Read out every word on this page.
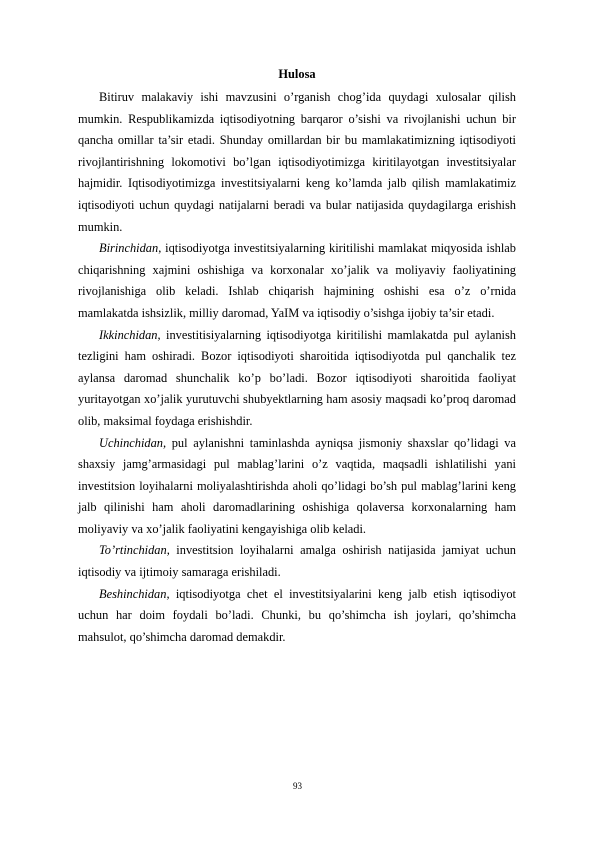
Hulosa

Bitiruv malakaviy ishi mavzusini o’rganish chog’ida quydagi xulosalar qilish mumkin. Respublikamizda iqtisodiyotning barqaror o’sishi va rivojlanishi uchun bir qancha omillar ta’sir etadi. Shunday omillardan bir bu mamlakatimizning iqtisodiyoti rivojlantirishning lokomotivi bo’lgan iqtisodiyotimizga kiritilayotgan investitsiyalar hajmidir. Iqtisodiyotimizga investitsiyalarni keng ko’lamda jalb qilish mamlakatimiz iqtisodiyoti uchun quydagi natijalarni beradi va bular natijasida quydagilarga erishish mumkin.

Birinchidan, iqtisodiyotga investitsiyalarning kiritilishi mamlakat miqyosida ishlab chiqarishning xajmini oshishiga va korxonalar xo’jalik va moliyaviy faoliyatining rivojlanishiga olib keladi. Ishlab chiqarish hajmining oshishi esa o’z o’rnida mamlakatda ishsizlik, milliy daromad, YaIM va iqtisodiy o’sishga ijobiy ta’sir etadi.

Ikkinchidan, investitisiyalarning iqtisodiyotga kiritilishi mamlakatda pul aylanish tezligini ham oshiradi. Bozor iqtisodiyoti sharoitida iqtisodiyotda pul qanchalik tez aylansa daromad shunchalik ko’p bo’ladi. Bozor iqtisodiyoti sharoitida faoliyat yuritayotgan xo’jalik yurutuvchi shubyektlarning ham asosiy maqsadi ko’proq daromad olib, maksimal foydaga erishishdir.

Uchinchidan, pul aylanishni taminlashda ayniqsa jismoniy shaxslar qo’lidagi va shaxsiy jamg’armasidagi pul mablag’larini o’z vaqtida, maqsadli ishlatilishi yani investitsion loyihalarni moliyalashtirishda aholi qo’lidagi bo’sh pul mablag’larini keng jalb qilinishi ham aholi daromadlarining oshishiga qolaversa korxonalarning ham moliyaviy va xo’jalik faoliyatini kengayishiga olib keladi.

To’rtinchidan, investitsion loyihalarni amalga oshirish natijasida jamiyat uchun iqtisodiy va ijtimoiy samaraga erishiladi.

Beshinchidan, iqtisodiyotga chet el investitsiyalarini keng jalb etish iqtisodiyot uchun har doim foydali bo’ladi. Chunki, bu qo’shimcha ish joylari, qo’shimcha mahsulot, qo’shimcha daromad demakdir.

93
